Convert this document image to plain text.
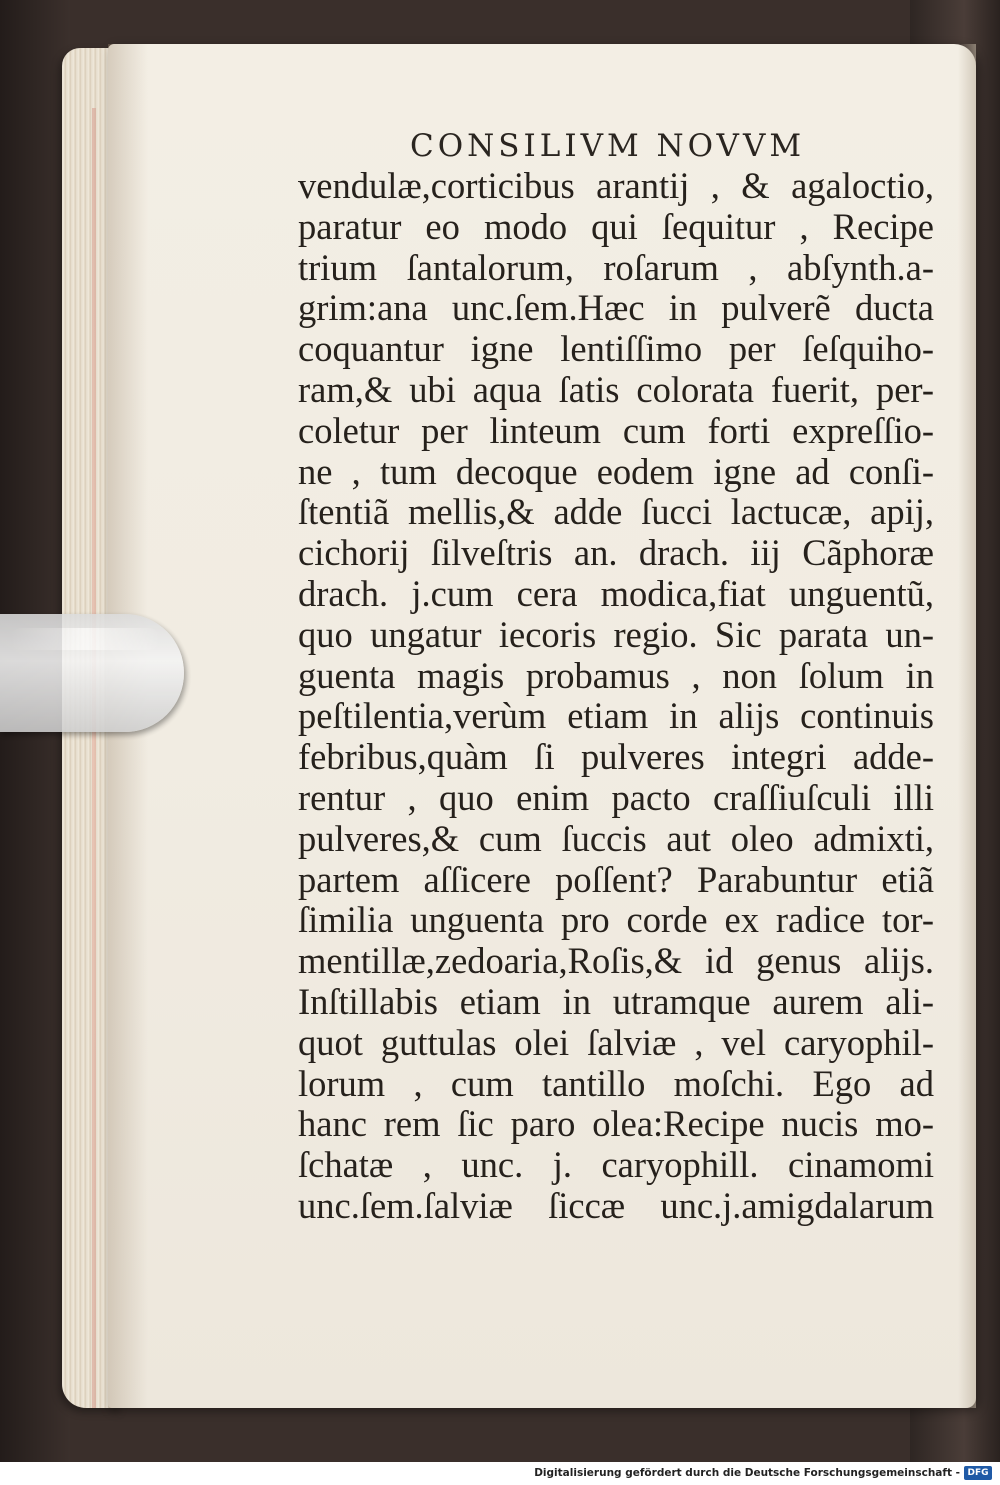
CONSILIVM NOVVM
vendulæ,corticibus arantij , & agaloctio,
paratur eo modo qui ſequitur , Recipe
trium ſantalorum, roſarum , abſynth.a-
grim:ana unc.ſem.Hæc in pulverẽ ducta
coquantur igne lentiſſimo per ſeſquiho-
ram,& ubi aqua ſatis colorata fuerit, per-
coletur per linteum cum forti expreſſio-
ne , tum decoque eodem igne ad conſi-
ſtentiã mellis,& adde ſucci lactucæ, apij,
cichorij ſilveſtris an. drach. iij Cãphoræ
drach. j.cum cera modica,fiat unguentũ,
quo ungatur iecoris regio. Sic parata un-
guenta magis probamus , non ſolum in
peſtilentia,verùm etiam in alijs continuis
febribus,quàm ſi pulveres integri adde-
rentur , quo enim pacto craſſiuſculi illi
pulveres,& cum ſuccis aut oleo admixti,
partem aſſicere poſſent? Parabuntur etiã
ſimilia unguenta pro corde ex radice tor-
mentillæ,zedoaria,Roſis,& id genus alijs.
Inſtillabis etiam in utramque aurem ali-
quot guttulas olei ſalviæ , vel caryophil-
lorum , cum tantillo moſchi. Ego ad
hanc rem ſic paro olea:Recipe nucis mo-
ſchatæ , unc. j. caryophill. cinamomi
unc.ſem.ſalviæ ſiccæ unc.j.amigdalarum
Digitalisierung gefördert durch die Deutsche Forschungsgemeinschaft - DFG
